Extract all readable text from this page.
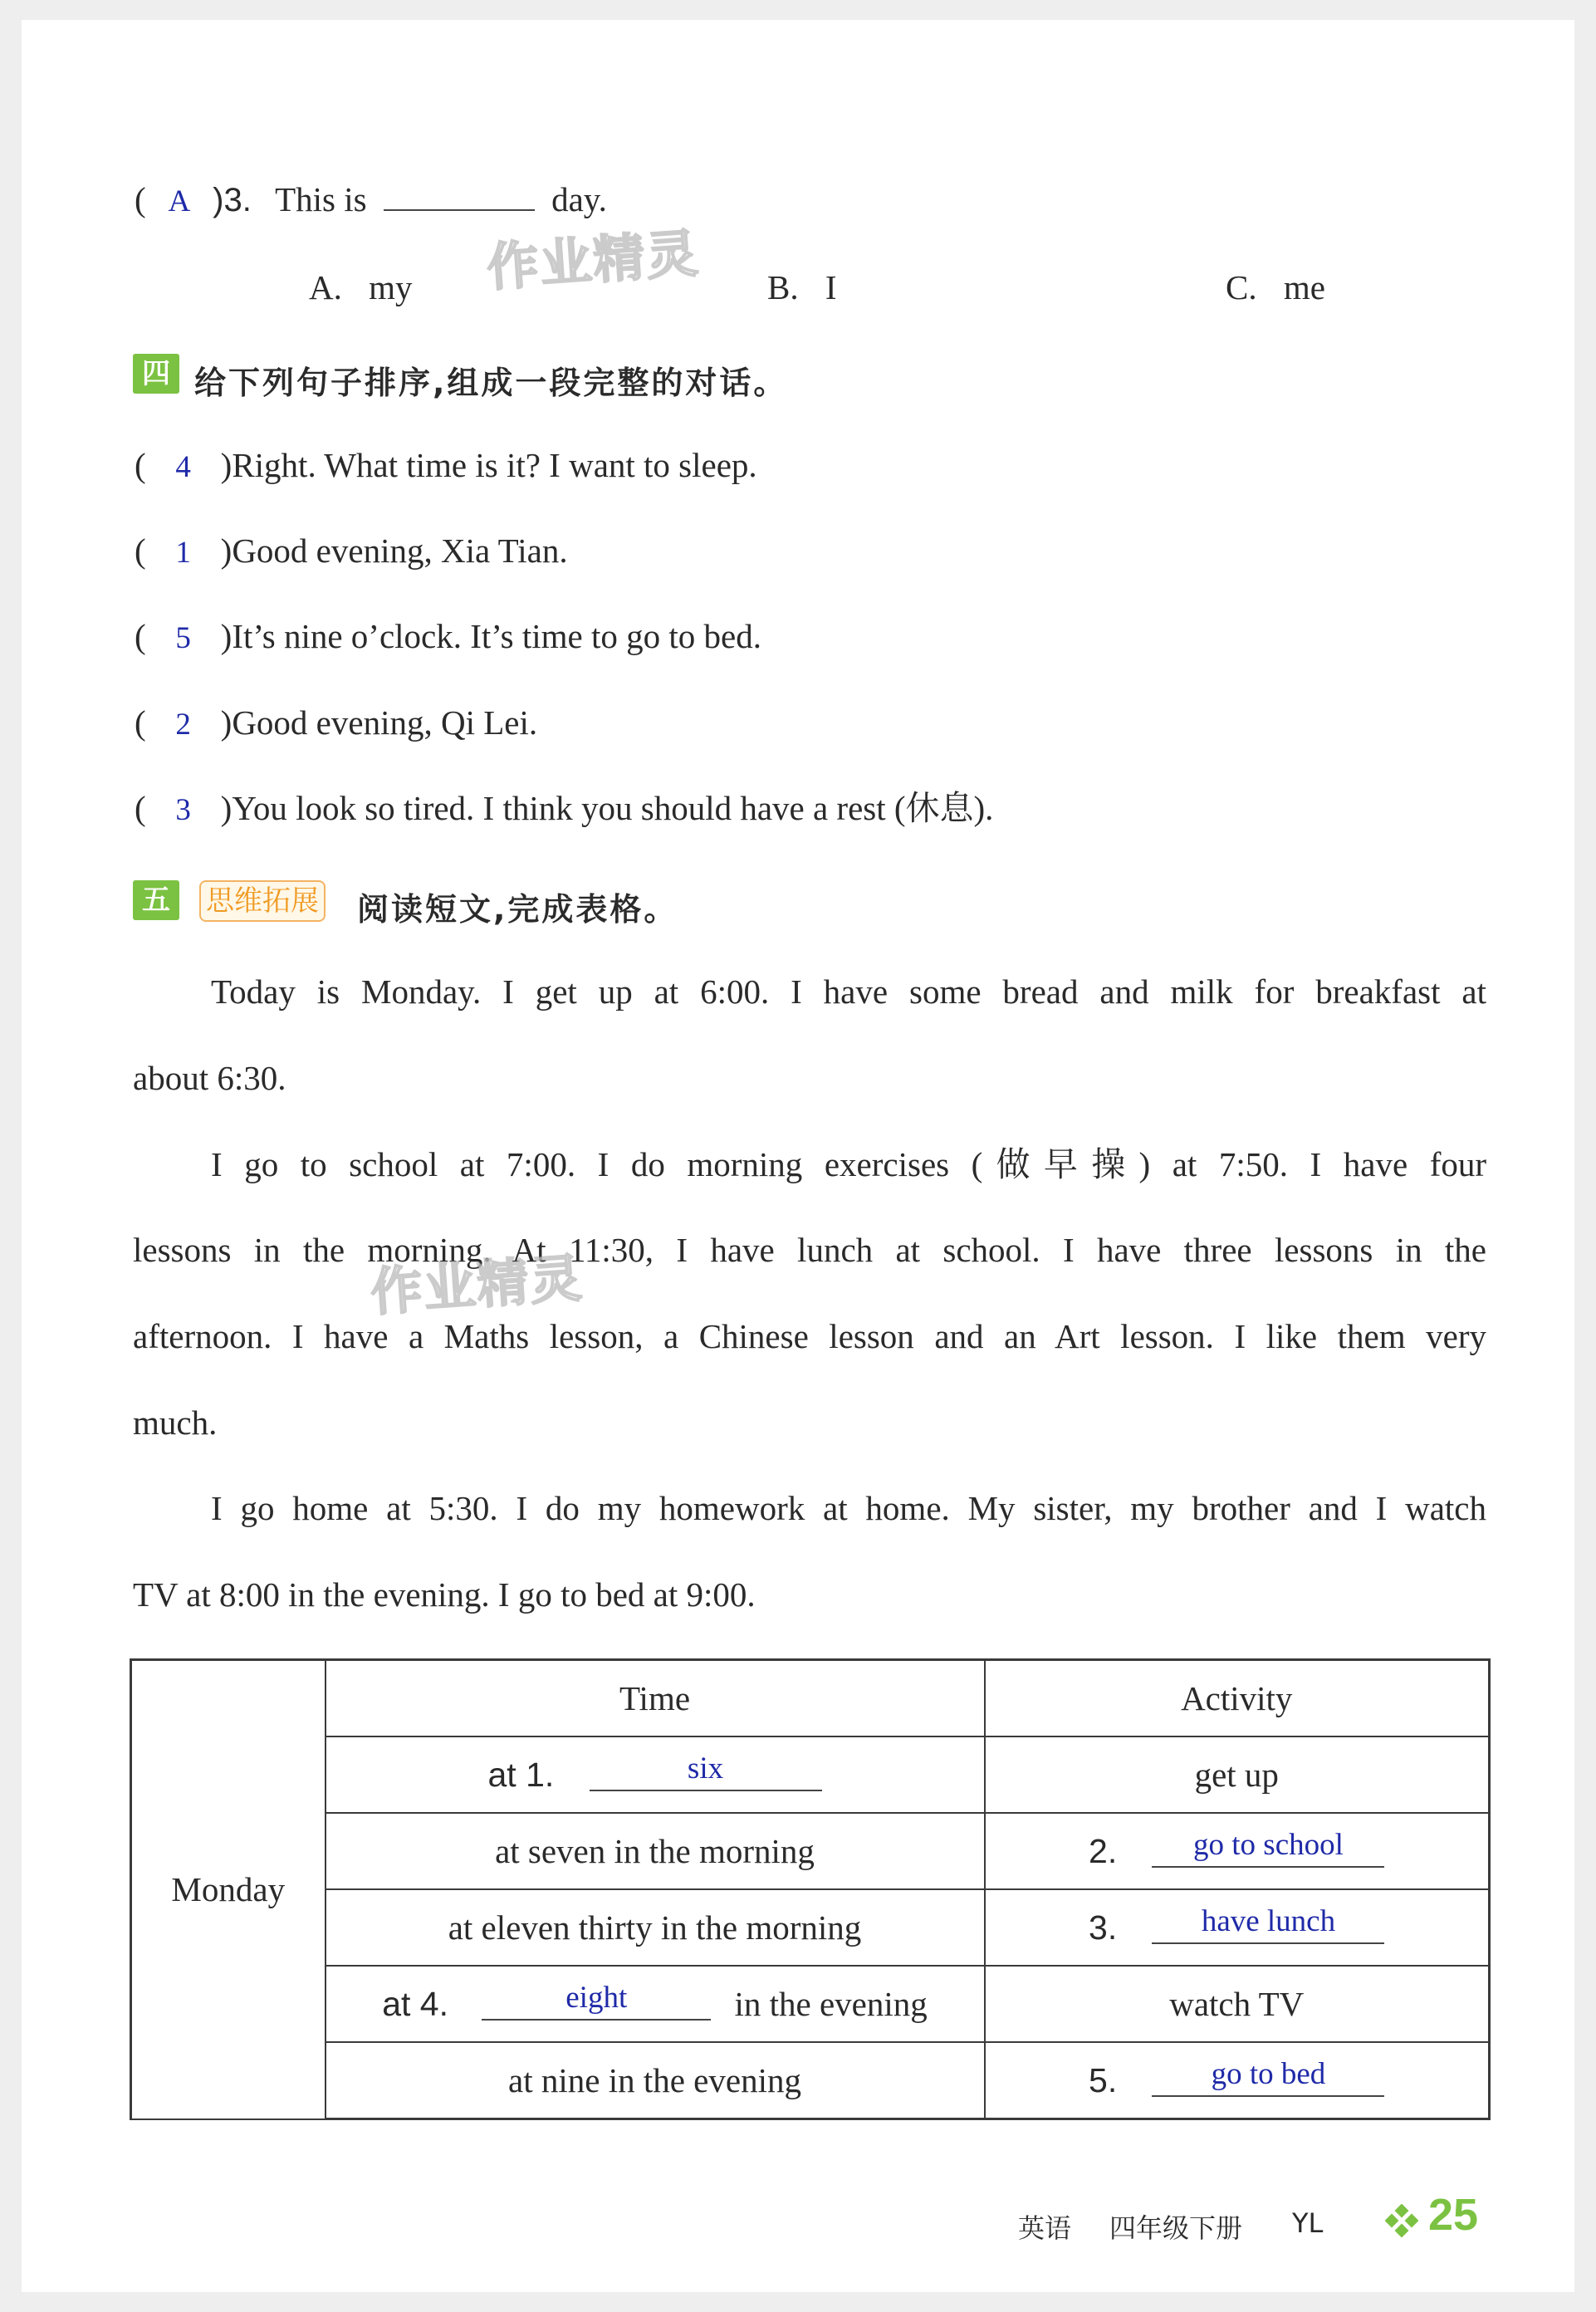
( A )3. This is	day.
A. my	B. I	C. me
四 给下列句子排序,组成一段完整的对话。
( 4 )Right. What time is it? I want to sleep.
( 1 )Good evening, Xia Tian.
( 5 )It’s nine o’clock. It’s time to go to bed.
( 2 )Good evening, Qi Lei.
( 3 )You look so tired. I think you should have a rest (休息).
五	思维拓展 阅读短文,完成表格。
Today is Monday. I get up at 6:00. I have some bread and milk for breakfast at
about 6:30.
I go to school at 7:00. I do morning exercises (做早操) at 7:50. I have four
lessons in the morning. At 11:30, I have lunch at school. I have three lessons in the
afternoon. I have a Maths lesson, a Chinese lesson and an Art lesson. I like them very
much.
I go home at 5:30. I do my homework at home. My sister, my brother and I watch
TV at 8:00 in the evening. I go to bed at 9:00.
Monday	Time	Activity
	at 1. six	get up
	at seven in the morning	2. go to school

	at eleven thirty in the morning	3. have lunch

	at 4. eight in the evening	watch TV
	at nine in the evening	5. go to bed
作业精灵
作业精灵
英语 四年级下册 YL 25
